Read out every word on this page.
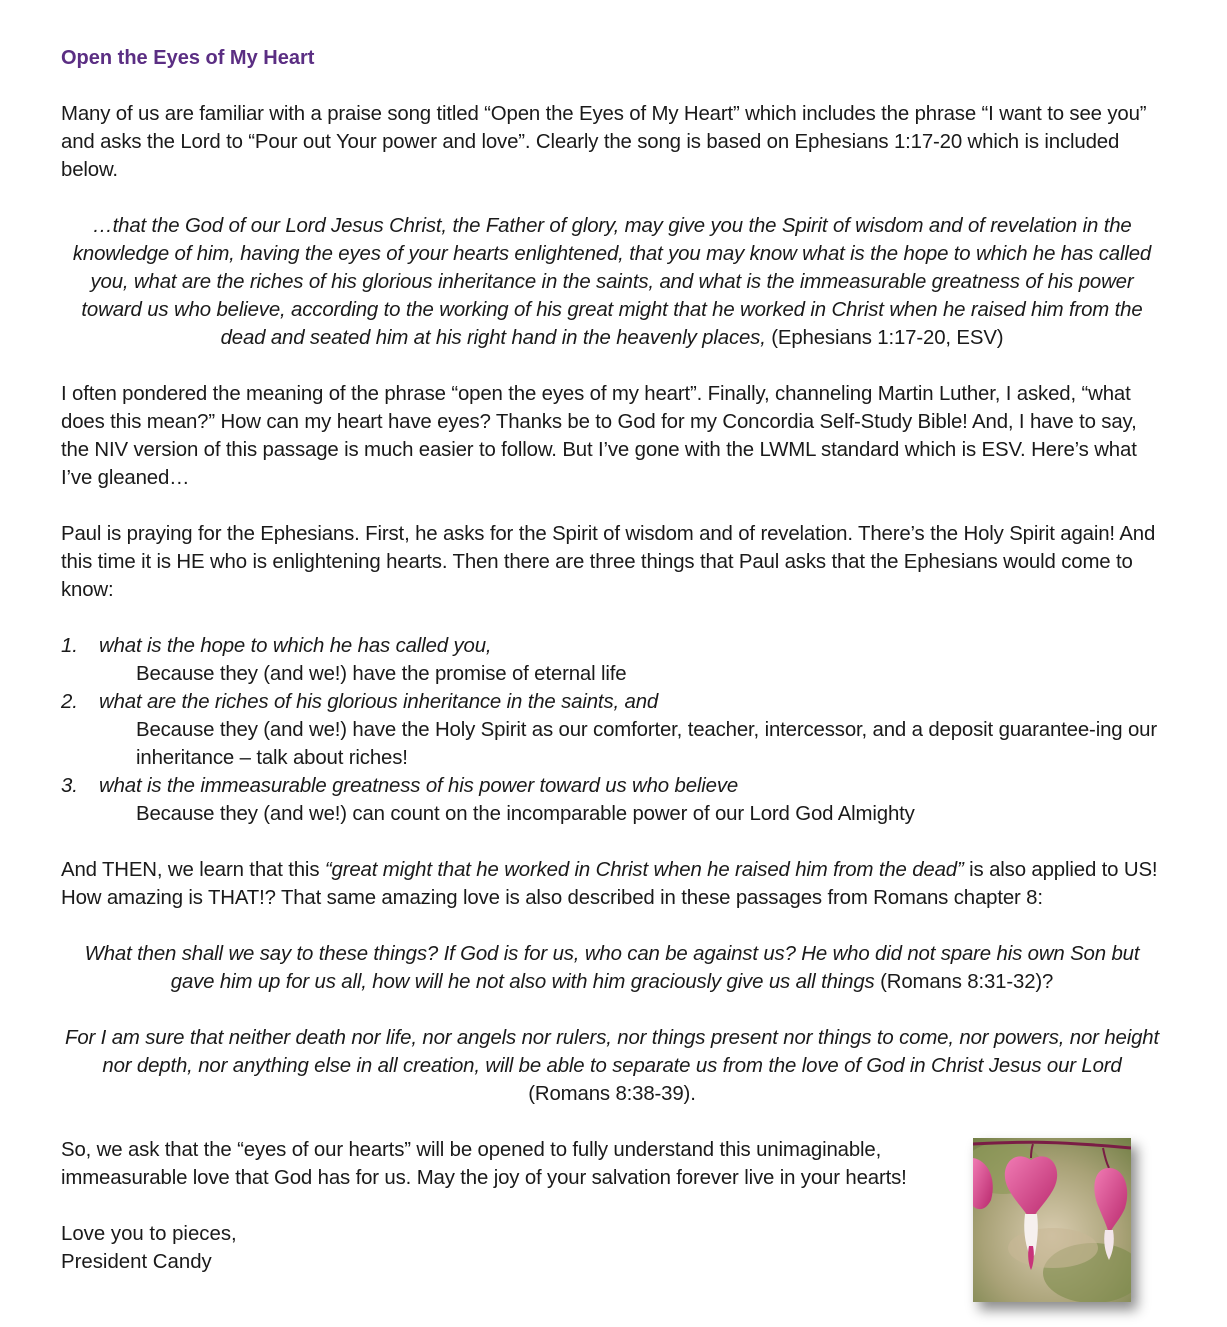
Open the Eyes of My Heart

Many of us are familiar with a praise song titled “Open the Eyes of My Heart” which includes the phrase “I want to see you” and asks the Lord to “Pour out Your power and love”. Clearly the song is based on Ephesians 1:17-20 which is included below.

…that the God of our Lord Jesus Christ, the Father of glory, may give you the Spirit of wisdom and of revelation in the knowledge of him, having the eyes of your hearts enlightened, that you may know what is the hope to which he has called you, what are the riches of his glorious inheritance in the saints, and what is the immeasurable greatness of his power toward us who believe, according to the working of his great might that he worked in Christ when he raised him from the dead and seated him at his right hand in the heavenly places, (Ephesians 1:17-20, ESV)

I often pondered the meaning of the phrase “open the eyes of my heart”. Finally, channeling Martin Luther, I asked, “what does this mean?” How can my heart have eyes? Thanks be to God for my Concordia Self-Study Bible! And, I have to say, the NIV version of this passage is much easier to follow. But I’ve gone with the LWML standard which is ESV. Here’s what I’ve gleaned…

Paul is praying for the Ephesians. First, he asks for the Spirit of wisdom and of revelation. There’s the Holy Spirit again! And this time it is HE who is enlightening hearts. Then there are three things that Paul asks that the Ephesians would come to know:

1.	what is the hope to which he has called you,
Because they (and we!) have the promise of eternal life
2.	what are the riches of his glorious inheritance in the saints, and
Because they (and we!) have the Holy Spirit as our comforter, teacher, intercessor, and a deposit guarantee-ing our inheritance – talk about riches!
3.	what is the immeasurable greatness of his power toward us who believe
Because they (and we!) can count on the incomparable power of our Lord God Almighty

And THEN, we learn that this “great might that he worked in Christ when he raised him from the dead” is also applied to US! How amazing is THAT!? That same amazing love is also described in these passages from Romans chapter 8:

What then shall we say to these things? If God is for us, who can be against us? He who did not spare his own Son but gave him up for us all, how will he not also with him graciously give us all things (Romans 8:31-32)?

For I am sure that neither death nor life, nor angels nor rulers, nor things present nor things to come, nor powers, nor height nor depth, nor anything else in all creation, will be able to separate us from the love of God in Christ Jesus our Lord (Romans 8:38-39).

So, we ask that the “eyes of our hearts” will be opened to fully understand this unimaginable, immeasurable love that God has for us. May the joy of your salvation forever live in your hearts!

Love you to pieces,

President Candy
